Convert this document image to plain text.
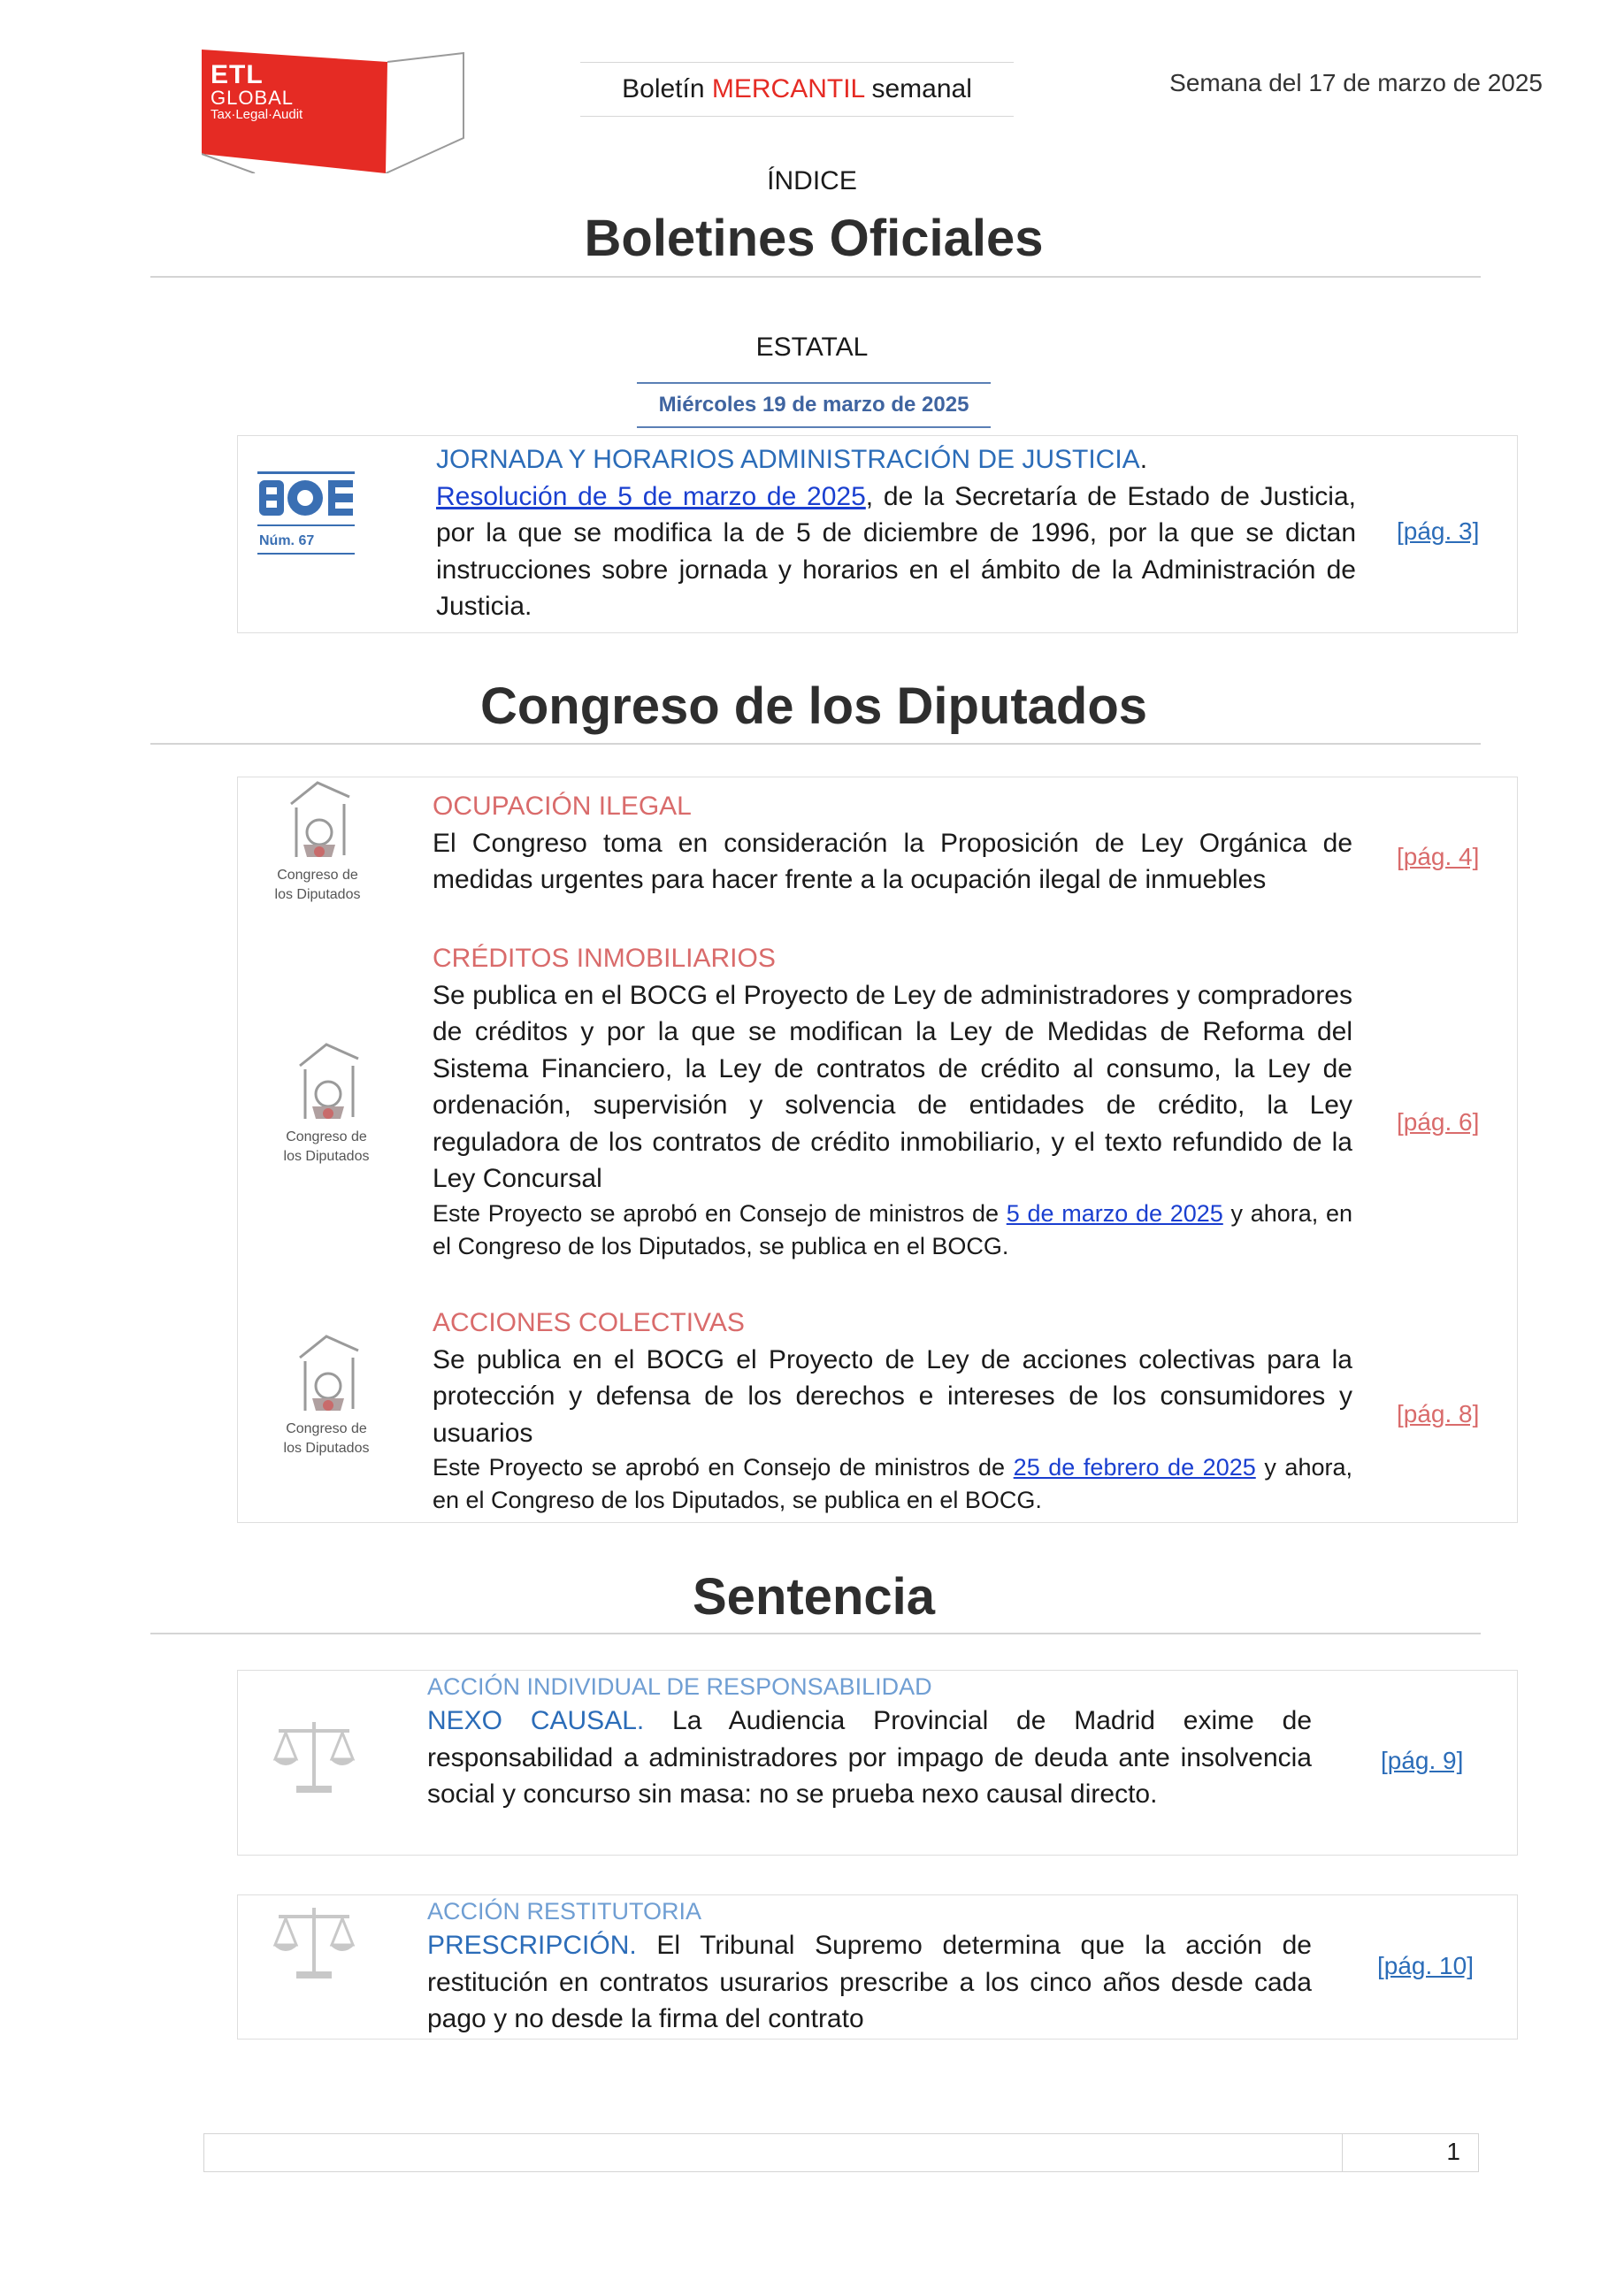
ETL
GLOBAL
Tax·Legal·Audit
Boletín MERCANTIL semanal	Semana del 17 de marzo de 2025
ÍNDICE
Boletines Oficiales
ESTATAL
Miércoles 19 de marzo de 2025
Núm. 67
JORNADA Y HORARIOS ADMINISTRACIÓN DE JUSTICIA.
Resolución de 5 de marzo de 2025, de la Secretaría de Estado de Justicia, por la que se modifica la de 5 de diciembre de 1996, por la que se dictan instrucciones sobre jornada y horarios en el ámbito de la Administración de Justicia.
[pág. 3]
Congreso de los Diputados
Congreso de
los Diputados
OCUPACIÓN ILEGAL
El Congreso toma en consideración la Proposición de Ley Orgánica de medidas urgentes para hacer frente a la ocupación ilegal de inmuebles
[pág. 4]
Congreso de
los Diputados
CRÉDITOS INMOBILIARIOS
Se publica en el BOCG el Proyecto de Ley de administradores y compradores de créditos y por la que se modifican la Ley de Medidas de Reforma del Sistema Financiero, la Ley de contratos de crédito al consumo, la Ley de ordenación, supervisión y solvencia de entidades de crédito, la Ley reguladora de los contratos de crédito inmobiliario, y el texto refundido de la Ley Concursal
Este Proyecto se aprobó en Consejo de ministros de 5 de marzo de 2025 y ahora, en el Congreso de los Diputados, se publica en el BOCG.
[pág. 6]
Congreso de
los Diputados
ACCIONES COLECTIVAS
Se publica en el BOCG el Proyecto de Ley de acciones colectivas para la protección y defensa de los derechos e intereses de los consumidores y usuarios
Este Proyecto se aprobó en Consejo de ministros de 25 de febrero de 2025 y ahora, en el Congreso de los Diputados, se publica en el BOCG.
[pág. 8]
Sentencia
ACCIÓN INDIVIDUAL DE RESPONSABILIDAD
NEXO CAUSAL. La Audiencia Provincial de Madrid exime de responsabilidad a administradores por impago de deuda ante insolvencia social y concurso sin masa: no se prueba nexo causal directo.
[pág. 9]
ACCIÓN RESTITUTORIA
PRESCRIPCIÓN. El Tribunal Supremo determina que la acción de restitución en contratos usurarios prescribe a los cinco años desde cada pago y no desde la firma del contrato
[pág. 10]
1
